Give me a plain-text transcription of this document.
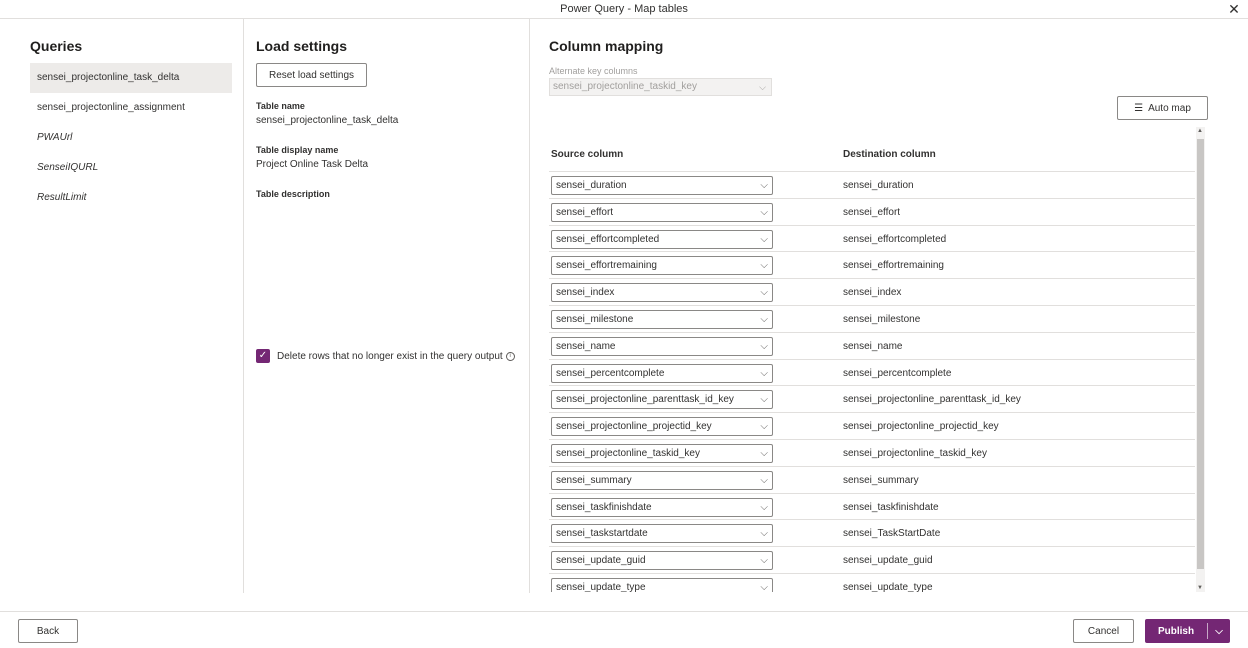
Power Query - Map tables	✕
Queries
sensei_projectonline_task_delta
sensei_projectonline_assignment
PWAUrl
SenseiIQURL
ResultLimit
Load settings
Reset load settings
Table name
sensei_projectonline_task_delta
Table display name
Project Online Task Delta
Table description
✓ Delete rows that no longer exist in the query output	i
Column mapping
Alternate key columns
sensei_projectonline_taskid_key	⌵
☰ Auto map
Source column	Destination column
sensei_duration	⌵	sensei_duration
sensei_effort	⌵	sensei_effort
sensei_effortcompleted	⌵	sensei_effortcompleted
sensei_effortremaining	⌵	sensei_effortremaining
sensei_index	⌵	sensei_index
sensei_milestone	⌵	sensei_milestone
sensei_name	⌵	sensei_name
sensei_percentcomplete	⌵	sensei_percentcomplete
sensei_projectonline_parenttask_id_key	⌵	sensei_projectonline_parenttask_id_key
sensei_projectonline_projectid_key	⌵	sensei_projectonline_projectid_key
sensei_projectonline_taskid_key	⌵	sensei_projectonline_taskid_key
sensei_summary	⌵	sensei_summary
sensei_taskfinishdate	⌵	sensei_taskfinishdate
sensei_taskstartdate	⌵	sensei_TaskStartDate
sensei_update_guid	⌵	sensei_update_guid
sensei_update_type	⌵	sensei_update_type
▲
▼
Back	Cancel	Publish	⌵
